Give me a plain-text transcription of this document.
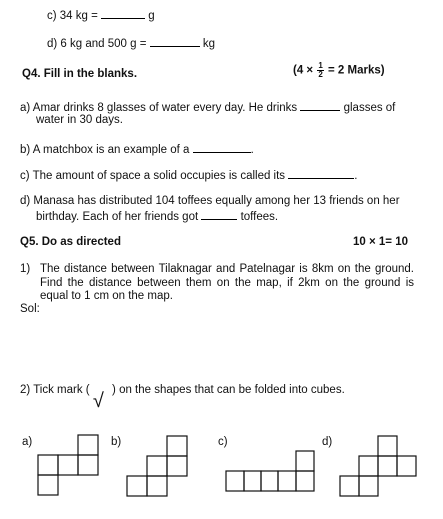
c) 34 kg =	g
d) 6 kg and 500 g =	kg
Q4. Fill in the blanks.	($4 \times \frac{1}{2} = 2$ Marks)
a) Amar drinks 8 glasses of water every day. He drinks	glasses of
water in 30 days.
b) A matchbox is an example of a	.
c) The amount of space a solid occupies is called its	.
d) Manasa has distributed 104 toffees equally among her 13 friends on her
birthday. Each of her friends got	toffees.
Q5. Do as directed	10 × 1= 10
1) The distance between Tilaknagar and Patelnagar is 8km on the ground. Find the distance between them on the map, if 2km on the ground is equal to 1 cm on the map.
Sol:
2) Tick mark ( √ ) on the shapes that can be folded into cubes.
a)	b)	c)	d)
